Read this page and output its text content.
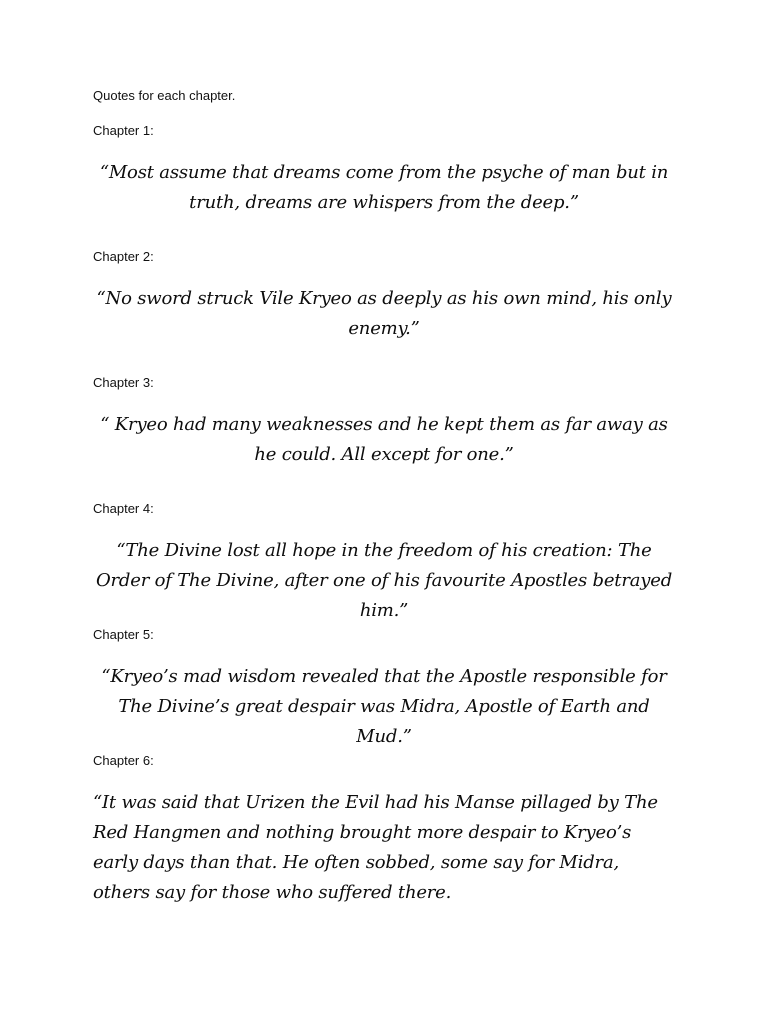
Quotes for each chapter.

Chapter 1:

“Most assume that dreams come from the psyche of man but in truth, dreams are whispers from the deep.”

Chapter 2:

“No sword struck Vile Kryeo as deeply as his own mind, his only enemy.”

Chapter 3:

“ Kryeo had many weaknesses and he kept them as far away as he could. All except for one.”

Chapter 4:

“The Divine lost all hope in the freedom of his creation: The Order of The Divine, after one of his favourite Apostles betrayed him.”

Chapter 5:

“Kryeo’s mad wisdom revealed that the Apostle responsible for The Divine’s great despair was Midra, Apostle of Earth and Mud.”

Chapter 6:

“It was said that Urizen the Evil had his Manse pillaged by The Red Hangmen and nothing brought more despair to Kryeo’s early days than that. He often sobbed, some say for Midra, others say for those who suffered there.
